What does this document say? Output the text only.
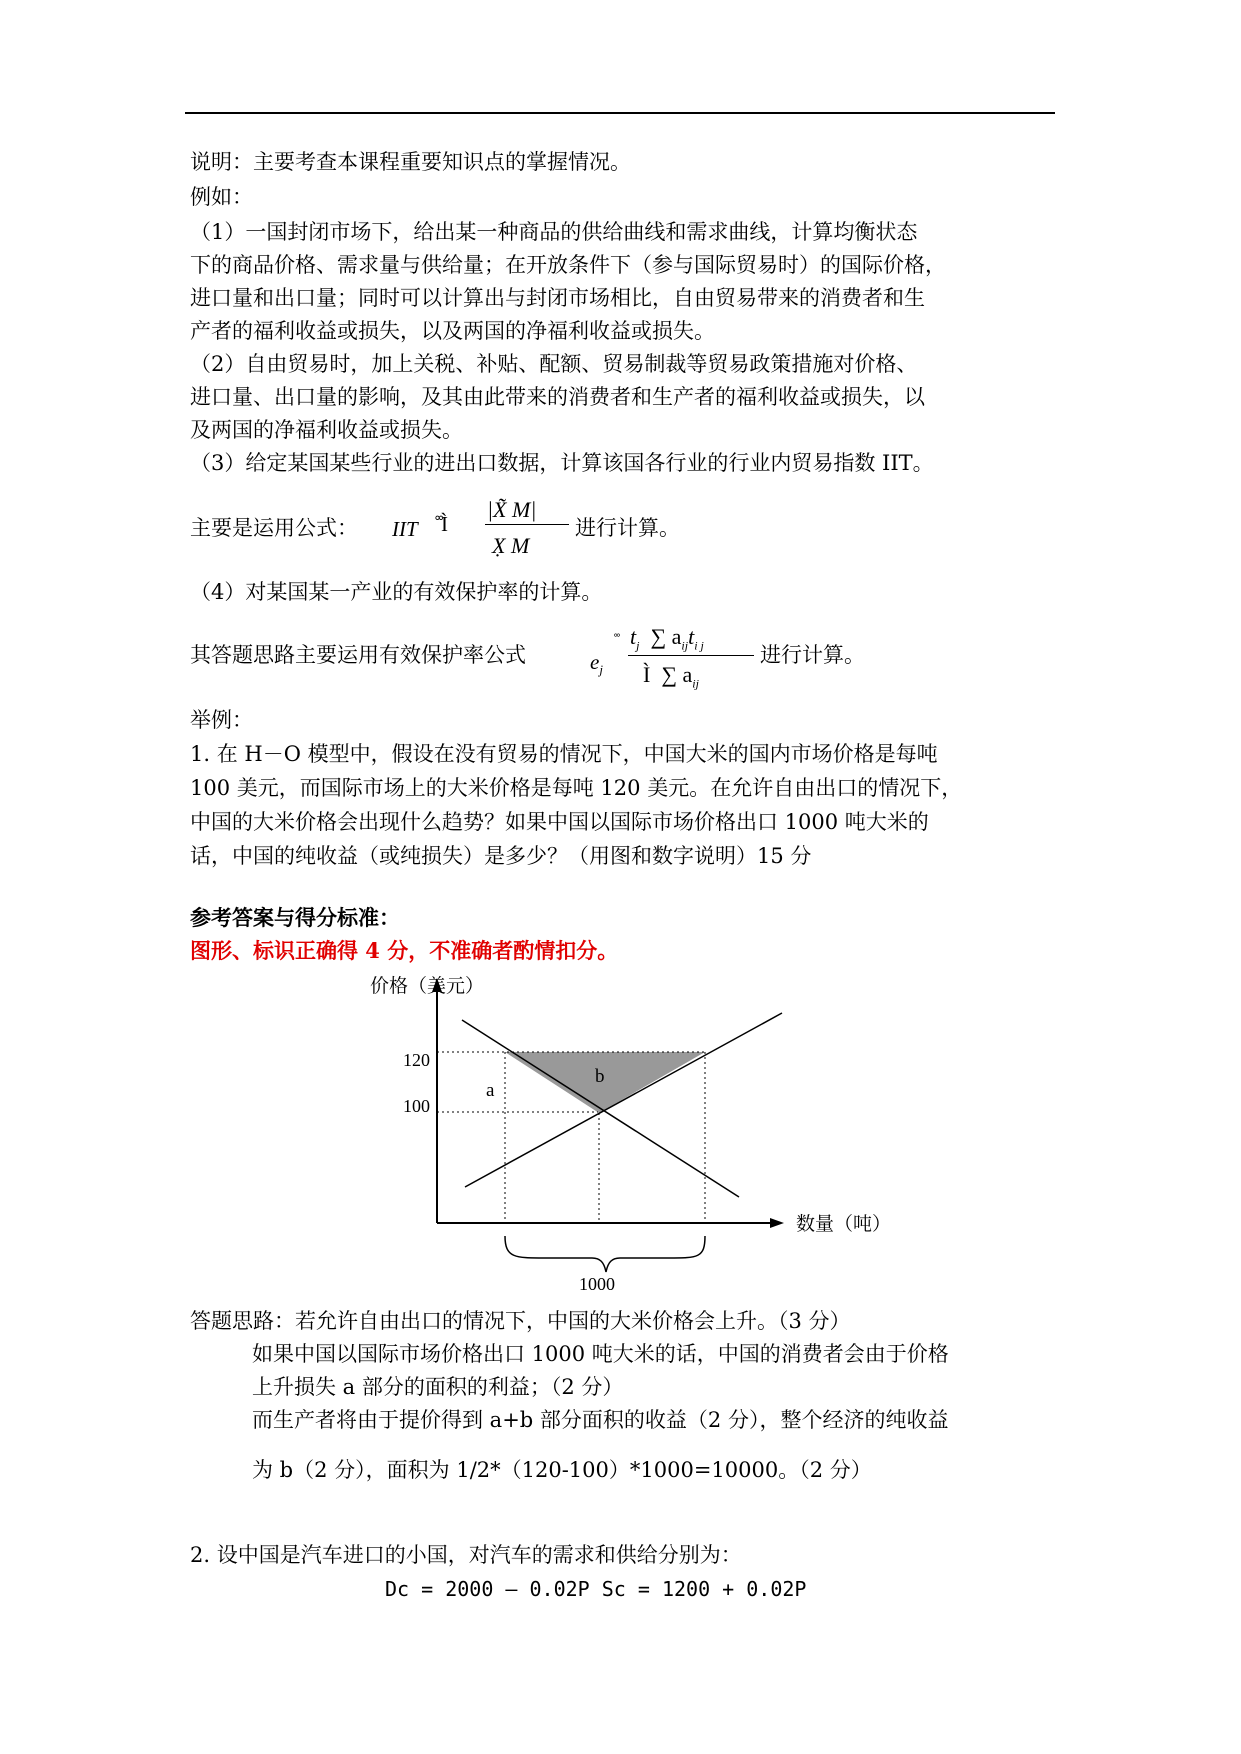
说明：主要考查本课程重要知识点的掌握情况。
例如：
（1）一国封闭市场下，给出某一种商品的供给曲线和需求曲线，计算均衡状态
下的商品价格、需求量与供给量；在开放条件下（参与国际贸易时）的国际价格，
进口量和出口量；同时可以计算出与封闭市场相比，自由贸易带来的消费者和生
产者的福利收益或损失，以及两国的净福利收益或损失。
（2）自由贸易时，加上关税、补贴、配额、贸易制裁等贸易政策措施对价格、
进口量、出口量的影响，及其由此带来的消费者和生产者的福利收益或损失，以
及两国的净福利收益或损失。
（3）给定某国某些行业的进出口数据，计算该国各行业的行业内贸易指数 IIT。
主要是运用公式： IIT ˚̊Ì
|X̃ M|
X̣ M
进行计算。
（4）对某国某一产业的有效保护率的计算。
其答题思路主要运用有效保护率公式	$e_j$
˚̊ $t_j$ ∑ $a_{ij}t_{i j}$
Ì ∑ $a_{ij}$
进行计算。
举例：
1. 在 H－O 模型中，假设在没有贸易的情况下，中国大米的国内市场价格是每吨
100 美元，而国际市场上的大米价格是每吨 120 美元。在允许自由出口的情况下，
中国的大米价格会出现什么趋势？如果中国以国际市场价格出口 1000 吨大米的
话，中国的纯收益（或纯损失）是多少？（用图和数字说明）15 分
参考答案与得分标准：
图形、标识正确得 4 分，不准确者酌情扣分。
价格（美元）
数量（吨）
120
100
a
b
1000
答题思路：若允许自由出口的情况下，中国的大米价格会上升。（3 分）
如果中国以国际市场价格出口 1000 吨大米的话，中国的消费者会由于价格
上升损失 a 部分的面积的利益；（2 分）
而生产者将由于提价得到 a+b 部分面积的收益（2 分），整个经济的纯收益
为 b（2 分），面积为 1/2*（120-100）*1000=10000。（2 分）
2. 设中国是汽车进口的小国，对汽车的需求和供给分别为：
Dc = 2000 – 0.02P Sc = 1200 + 0.02P
